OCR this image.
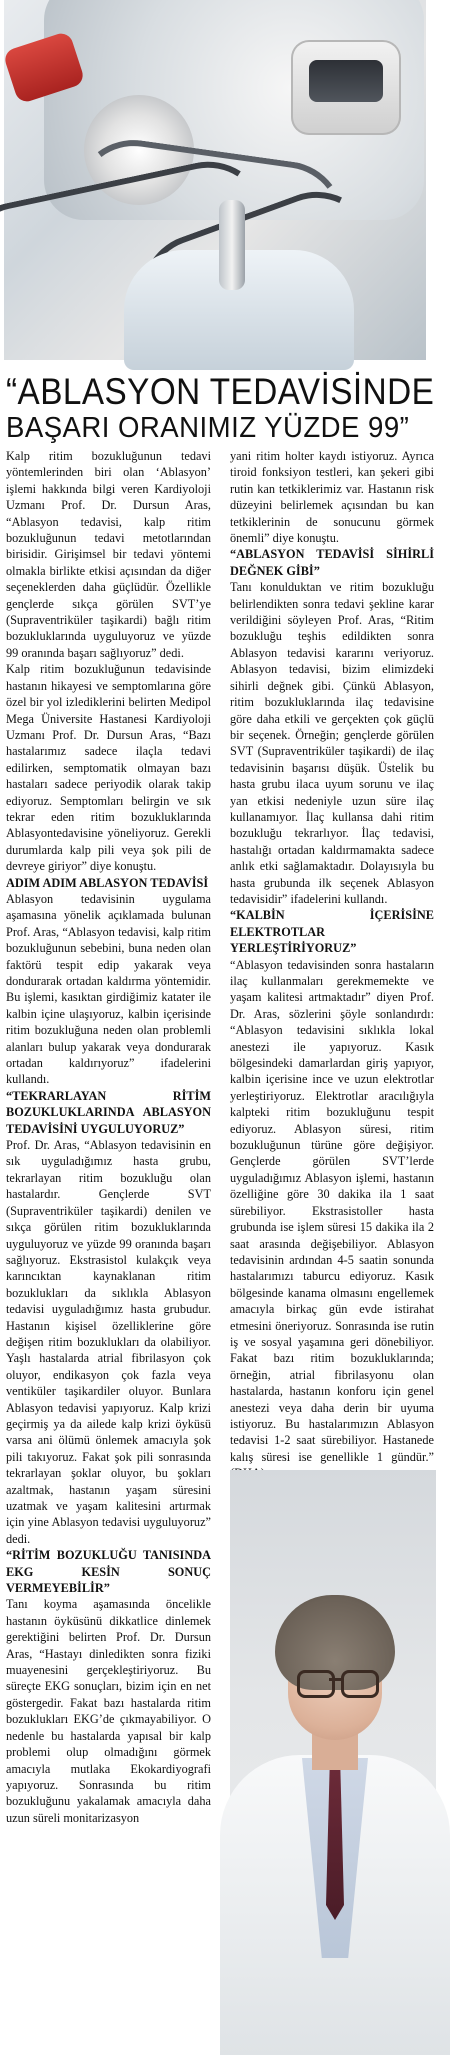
“ABLASYON TEDAVİSİNDE
BAŞARI ORANIMIZ YÜZDE 99”

Kalp ritim bozukluğunun tedavi yöntemlerinden biri olan ‘Ablasyon’ işlemi hakkında bilgi veren Kardiyoloji Uzmanı Prof. Dr. Dursun Aras, “Ablasyon tedavisi, kalp ritim bozukluğunun tedavi metotlarından birisidir. Girişimsel bir tedavi yöntemi olmakla birlikte etkisi açısından da diğer seçeneklerden daha güçlüdür. Özellikle gençlerde sıkça görülen SVT’ye (Supraventriküler taşikardi) bağlı ritim bozukluklarında uyguluyoruz ve yüzde 99 oranında başarı sağlıyoruz” dedi.

Kalp ritim bozukluğunun tedavisinde hastanın hikayesi ve semptomlarına göre özel bir yol izlediklerini belirten Medipol Mega Üniversite Hastanesi Kardiyoloji Uzmanı Prof. Dr. Dursun Aras, “Bazı hastalarımız sadece ilaçla tedavi edilirken, semptomatik olmayan bazı hastaları sadece periyodik olarak takip ediyoruz. Semptomları belirgin ve sık tekrar eden ritim bozukluklarında Ablasyontedavisine yöneliyoruz. Gerekli durumlarda kalp pili veya şok pili de devreye giriyor” diye konuştu.

ADIM ADIM ABLASYON TEDAVİSİ

Ablasyon tedavisinin uygulama aşamasına yönelik açıklamada bulunan Prof. Aras, “Ablasyon tedavisi, kalp ritim bozukluğunun sebebini, buna neden olan faktörü tespit edip yakarak veya dondurarak ortadan kaldırma yöntemidir. Bu işlemi, kasıktan girdiğimiz katater ile kalbin içine ulaşıyoruz, kalbin içerisinde ritim bozukluğuna neden olan problemli alanları bulup yakarak veya dondurarak ortadan kaldırıyoruz” ifadelerini kullandı.

“TEKRARLAYAN RİTİM BOZUKLUKLARINDA ABLASYON TEDAVİSİNİ UYGULUYORUZ”

Prof. Dr. Aras, “Ablasyon tedavisinin en sık uyguladığımız hasta grubu, tekrarlayan ritim bozukluğu olan hastalardır. Gençlerde SVT (Supraventriküler taşikardi) denilen ve sıkça görülen ritim bozukluklarında uyguluyoruz ve yüzde 99 oranında başarı sağlıyoruz. Ekstrasistol kulakçık veya karıncıktan kaynaklanan ritim bozuklukları da sıklıkla Ablasyon tedavisi uyguladığımız hasta grubudur. Hastanın kişisel özelliklerine göre değişen ritim bozuklukları da olabiliyor. Yaşlı hastalarda atrial fibrilasyon çok oluyor, endikasyon çok fazla veya ventiküler taşikardiler oluyor. Bunlara Ablasyon tedavisi yapıyoruz. Kalp krizi geçirmiş ya da ailede kalp krizi öyküsü varsa ani ölümü önlemek amacıyla şok pili takıyoruz. Fakat şok pili sonrasında tekrarlayan şoklar oluyor, bu şokları azaltmak, hastanın yaşam süresini uzatmak ve yaşam kalitesini artırmak için yine Ablasyon tedavisi uyguluyoruz” dedi.

“RİTİM BOZUKLUĞU TANISINDA EKG KESİN SONUÇ VERMEYEBİLİR”

Tanı koyma aşamasında öncelikle hastanın öyküsünü dikkatlice dinlemek gerektiğini belirten Prof. Dr. Dursun Aras, “Hastayı dinledikten sonra fiziki muayenesini gerçekleştiriyoruz. Bu süreçte EKG sonuçları, bizim için en net göstergedir. Fakat bazı hastalarda ritim bozuklukları EKG’de çıkmayabiliyor. O nedenle bu hastalarda yapısal bir kalp problemi olup olmadığını görmek amacıyla mutlaka Ekokardiyografi yapıyoruz. Sonrasında bu ritim bozukluğunu yakalamak amacıyla daha uzun süreli monitarizasyon

yani ritim holter kaydı istiyoruz. Ayrıca tiroid fonksiyon testleri, kan şekeri gibi rutin kan tetkiklerimiz var. Hastanın risk düzeyini belirlemek açısından bu kan tetkiklerinin de sonucunu görmek önemli” diye konuştu.

“ABLASYON TEDAVİSİ SİHİRLİ DEĞNEK GİBİ”

Tanı konulduktan ve ritim bozukluğu belirlendikten sonra tedavi şekline karar verildiğini söyleyen Prof. Aras, “Ritim bozukluğu teşhis edildikten sonra Ablasyon tedavisi kararını veriyoruz. Ablasyon tedavisi, bizim elimizdeki sihirli değnek gibi. Çünkü Ablasyon, ritim bozukluklarında ilaç tedavisine göre daha etkili ve gerçekten çok güçlü bir seçenek. Örneğin; gençlerde görülen SVT (Supraventriküler taşikardi) de ilaç tedavisinin başarısı düşük. Üstelik bu hasta grubu ilaca uyum sorunu ve ilaç yan etkisi nedeniyle uzun süre ilaç kullanamıyor. İlaç kullansa dahi ritim bozukluğu tekrarlıyor. İlaç tedavisi, hastalığı ortadan kaldırmamakta sadece anlık etki sağlamaktadır. Dolayısıyla bu hasta grubunda ilk seçenek Ablasyon tedavisidir” ifadelerini kullandı.

“KALBİN İÇERİSİNE ELEKTROTLAR YERLEŞTİRİYORUZ”

“Ablasyon tedavisinden sonra hastaların ilaç kullanmaları gerekmemekte ve yaşam kalitesi artmaktadır” diyen Prof. Dr. Aras, sözlerini şöyle sonlandırdı: “Ablasyon tedavisini sıklıkla lokal anestezi ile yapıyoruz. Kasık bölgesindeki damarlardan giriş yapıyor, kalbin içerisine ince ve uzun elektrotlar yerleştiriyoruz. Elektrotlar aracılığıyla kalpteki ritim bozukluğunu tespit ediyoruz. Ablasyon süresi, ritim bozukluğunun türüne göre değişiyor. Gençlerde görülen SVT’lerde uyguladığımız Ablasyon işlemi, hastanın özelliğine göre 30 dakika ila 1 saat sürebiliyor. Ekstrasistoller hasta grubunda ise işlem süresi 15 dakika ila 2 saat arasında değişebiliyor. Ablasyon tedavisinin ardından 4-5 saatin sonunda hastalarımızı taburcu ediyoruz. Kasık bölgesinde kanama olmasını engellemek amacıyla birkaç gün evde istirahat etmesini öneriyoruz. Sonrasında ise rutin iş ve sosyal yaşamına geri dönebiliyor. Fakat bazı ritim bozukluklarında; örneğin, atrial fibrilasyonu olan hastalarda, hastanın konforu için genel anestezi veya daha derin bir uyuma istiyoruz. Bu hastalarımızın Ablasyon tedavisi 1-2 saat sürebiliyor. Hastanede kalış süresi ise genellikle 1 gündür.”
